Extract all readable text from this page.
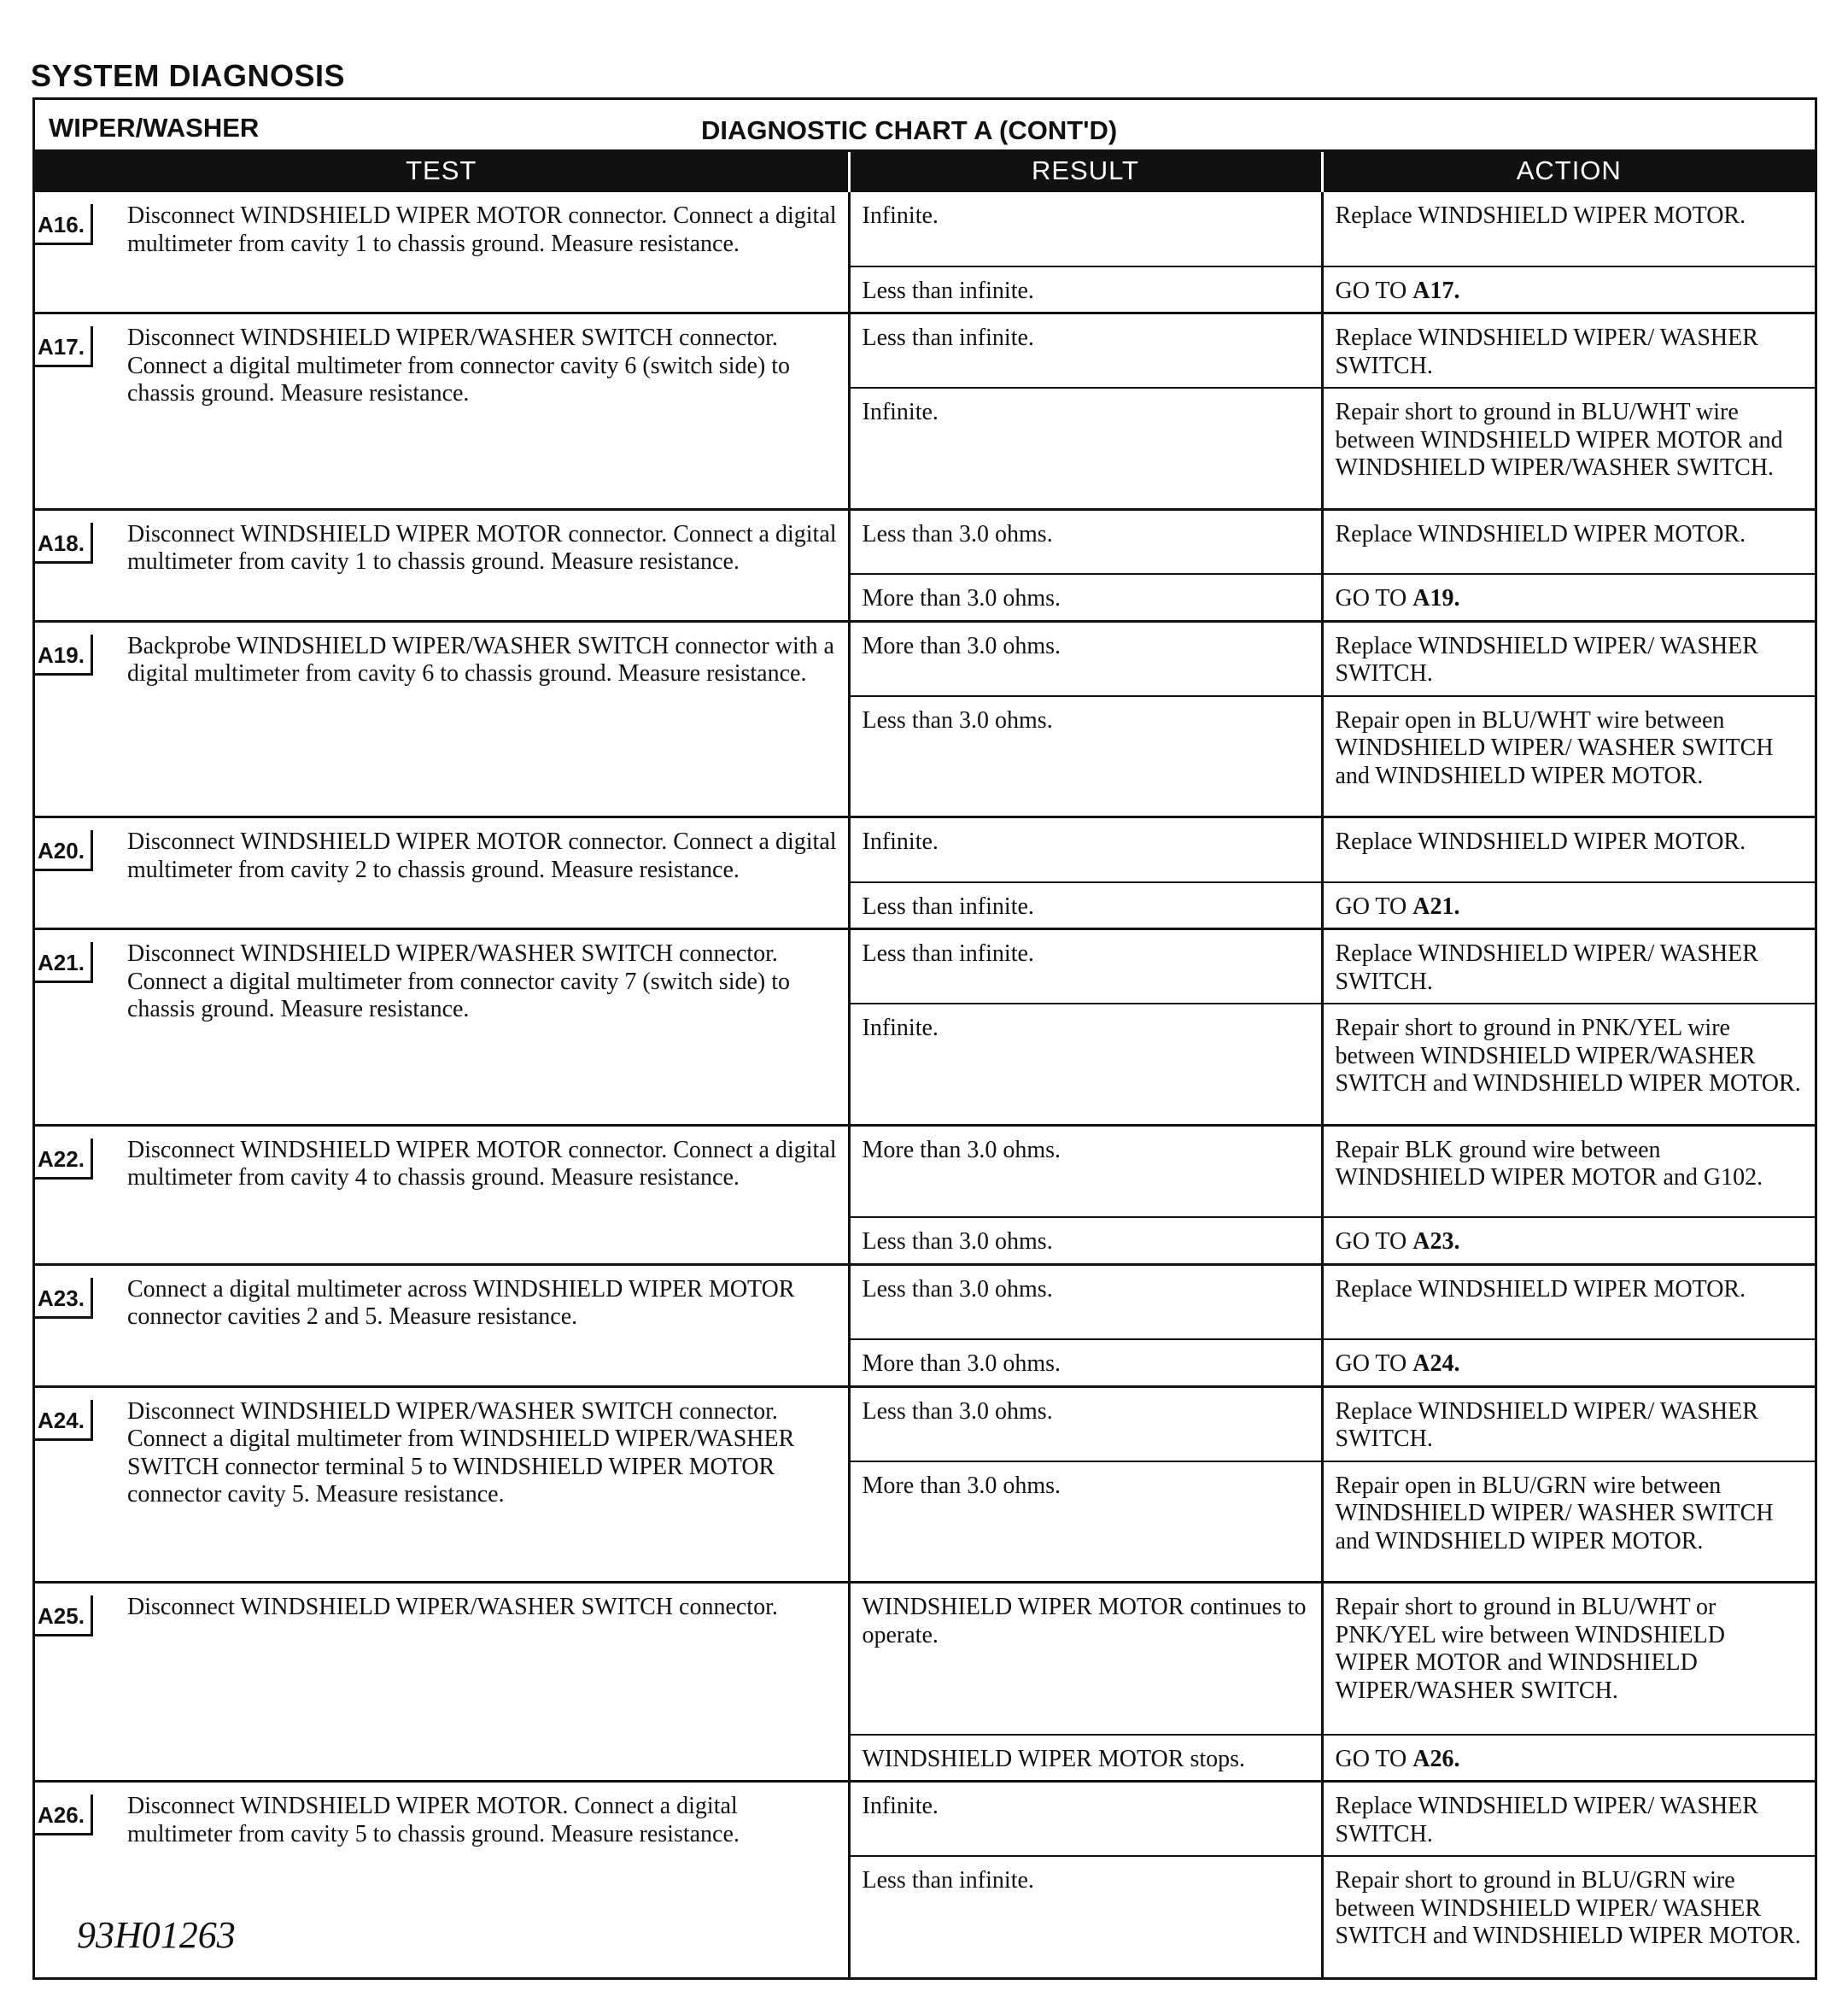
SYSTEM DIAGNOSIS
WIPER/WASHER	DIAGNOSTIC CHART A (CONT'D)
TEST	RESULT	ACTION

A16. Disconnect WINDSHIELD WIPER MOTOR connector. Connect a digital multimeter from cavity 1 to chassis ground. Measure resistance.	Infinite.	Replace WINDSHIELD WIPER MOTOR.
	Less than infinite.	GO TO A17.

A17. Disconnect WINDSHIELD WIPER/WASHER SWITCH connector. Connect a digital multimeter from connector cavity 6 (switch side) to chassis ground. Measure resistance.	Less than infinite.	Replace WINDSHIELD WIPER/ WASHER SWITCH.
	Infinite.	Repair short to ground in BLU/WHT wire between WINDSHIELD WIPER MOTOR and WINDSHIELD WIPER/WASHER SWITCH.

A18. Disconnect WINDSHIELD WIPER MOTOR connector. Connect a digital multimeter from cavity 1 to chassis ground. Measure resistance.	Less than 3.0 ohms.	Replace WINDSHIELD WIPER MOTOR.
	More than 3.0 ohms.	GO TO A19.

A19. Backprobe WINDSHIELD WIPER/WASHER SWITCH connector with a digital multimeter from cavity 6 to chassis ground. Measure resistance.	More than 3.0 ohms.	Replace WINDSHIELD WIPER/ WASHER SWITCH.
	Less than 3.0 ohms.	Repair open in BLU/WHT wire between WINDSHIELD WIPER/ WASHER SWITCH and WINDSHIELD WIPER MOTOR.

A20. Disconnect WINDSHIELD WIPER MOTOR connector. Connect a digital multimeter from cavity 2 to chassis ground. Measure resistance.	Infinite.	Replace WINDSHIELD WIPER MOTOR.
	Less than infinite.	GO TO A21.

A21. Disconnect WINDSHIELD WIPER/WASHER SWITCH connector. Connect a digital multimeter from connector cavity 7 (switch side) to chassis ground. Measure resistance.	Less than infinite.	Replace WINDSHIELD WIPER/ WASHER SWITCH.
	Infinite.	Repair short to ground in PNK/YEL wire between WINDSHIELD WIPER/WASHER SWITCH and WINDSHIELD WIPER MOTOR.

A22. Disconnect WINDSHIELD WIPER MOTOR connector. Connect a digital multimeter from cavity 4 to chassis ground. Measure resistance.	More than 3.0 ohms.	Repair BLK ground wire between WINDSHIELD WIPER MOTOR and G102.
	Less than 3.0 ohms.	GO TO A23.

A23. Connect a digital multimeter across WINDSHIELD WIPER MOTOR connector cavities 2 and 5. Measure resistance.	Less than 3.0 ohms.	Replace WINDSHIELD WIPER MOTOR.
	More than 3.0 ohms.	GO TO A24.

A24. Disconnect WINDSHIELD WIPER/WASHER SWITCH connector. Connect a digital multimeter from WINDSHIELD WIPER/WASHER SWITCH connector terminal 5 to WINDSHIELD WIPER MOTOR connector cavity 5. Measure resistance.	Less than 3.0 ohms.	Replace WINDSHIELD WIPER/ WASHER SWITCH.
	More than 3.0 ohms.	Repair open in BLU/GRN wire between WINDSHIELD WIPER/ WASHER SWITCH and WINDSHIELD WIPER MOTOR.

A25. Disconnect WINDSHIELD WIPER/WASHER SWITCH connector.	WINDSHIELD WIPER MOTOR continues to operate.	Repair short to ground in BLU/WHT or PNK/YEL wire between WINDSHIELD WIPER MOTOR and WINDSHIELD WIPER/WASHER SWITCH.
	WINDSHIELD WIPER MOTOR stops.	GO TO A26.

A26. Disconnect WINDSHIELD WIPER MOTOR. Connect a digital multimeter from cavity 5 to chassis ground. Measure resistance.	Infinite.	Replace WINDSHIELD WIPER/ WASHER SWITCH.
	Less than infinite.	Repair short to ground in BLU/GRN wire between WINDSHIELD WIPER/ WASHER SWITCH and WINDSHIELD WIPER MOTOR.
93H01263
